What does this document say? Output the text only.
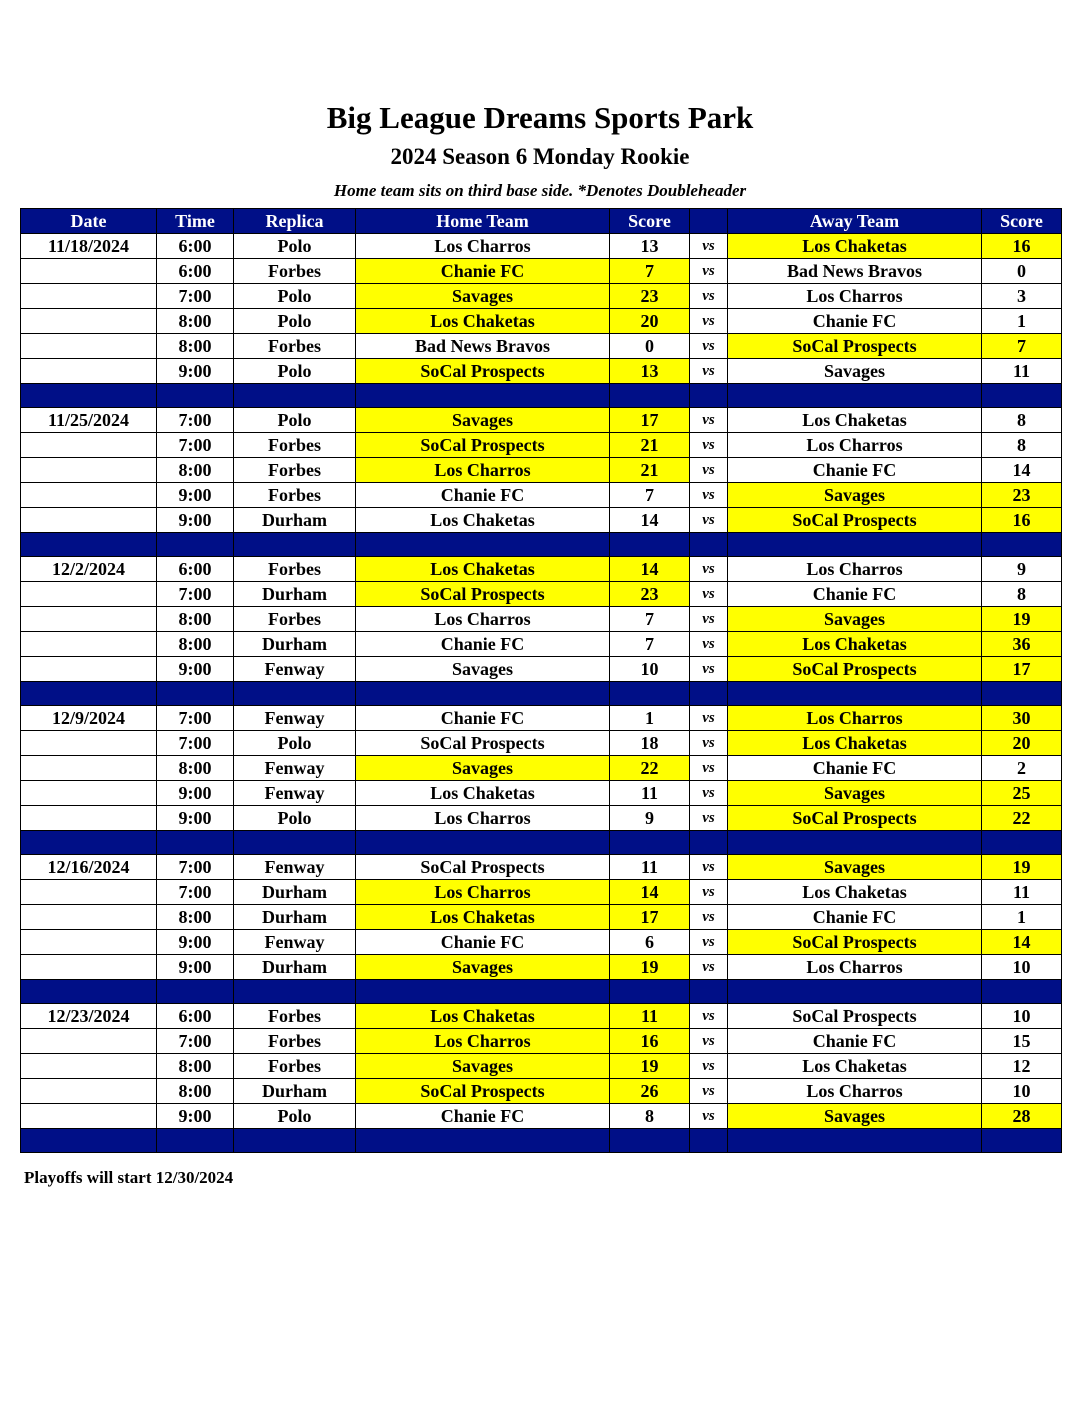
Big League Dreams Sports Park
2024 Season 6 Monday Rookie
Home team sits on third base side. *Denotes Doubleheader
Date	Time	Replica	Home Team	Score		Away Team	Score
11/18/2024	6:00	Polo	Los Charros	13	vs	Los Chaketas	16
	6:00	Forbes	Chanie FC	7	vs	Bad News Bravos	0
	7:00	Polo	Savages	23	vs	Los Charros	3
	8:00	Polo	Los Chaketas	20	vs	Chanie FC	1
	8:00	Forbes	Bad News Bravos	0	vs	SoCal Prospects	7
	9:00	Polo	SoCal Prospects	13	vs	Savages	11

11/25/2024	7:00	Polo	Savages	17	vs	Los Chaketas	8
	7:00	Forbes	SoCal Prospects	21	vs	Los Charros	8
	8:00	Forbes	Los Charros	21	vs	Chanie FC	14
	9:00	Forbes	Chanie FC	7	vs	Savages	23
	9:00	Durham	Los Chaketas	14	vs	SoCal Prospects	16

12/2/2024	6:00	Forbes	Los Chaketas	14	vs	Los Charros	9
	7:00	Durham	SoCal Prospects	23	vs	Chanie FC	8
	8:00	Forbes	Los Charros	7	vs	Savages	19
	8:00	Durham	Chanie FC	7	vs	Los Chaketas	36
	9:00	Fenway	Savages	10	vs	SoCal Prospects	17

12/9/2024	7:00	Fenway	Chanie FC	1	vs	Los Charros	30
	7:00	Polo	SoCal Prospects	18	vs	Los Chaketas	20
	8:00	Fenway	Savages	22	vs	Chanie FC	2
	9:00	Fenway	Los Chaketas	11	vs	Savages	25
	9:00	Polo	Los Charros	9	vs	SoCal Prospects	22

12/16/2024	7:00	Fenway	SoCal Prospects	11	vs	Savages	19
	7:00	Durham	Los Charros	14	vs	Los Chaketas	11
	8:00	Durham	Los Chaketas	17	vs	Chanie FC	1
	9:00	Fenway	Chanie FC	6	vs	SoCal Prospects	14
	9:00	Durham	Savages	19	vs	Los Charros	10

12/23/2024	6:00	Forbes	Los Chaketas	11	vs	SoCal Prospects	10
	7:00	Forbes	Los Charros	16	vs	Chanie FC	15
	8:00	Forbes	Savages	19	vs	Los Chaketas	12
	8:00	Durham	SoCal Prospects	26	vs	Los Charros	10
	9:00	Polo	Chanie FC	8	vs	Savages	28

Playoffs will start 12/30/2024
